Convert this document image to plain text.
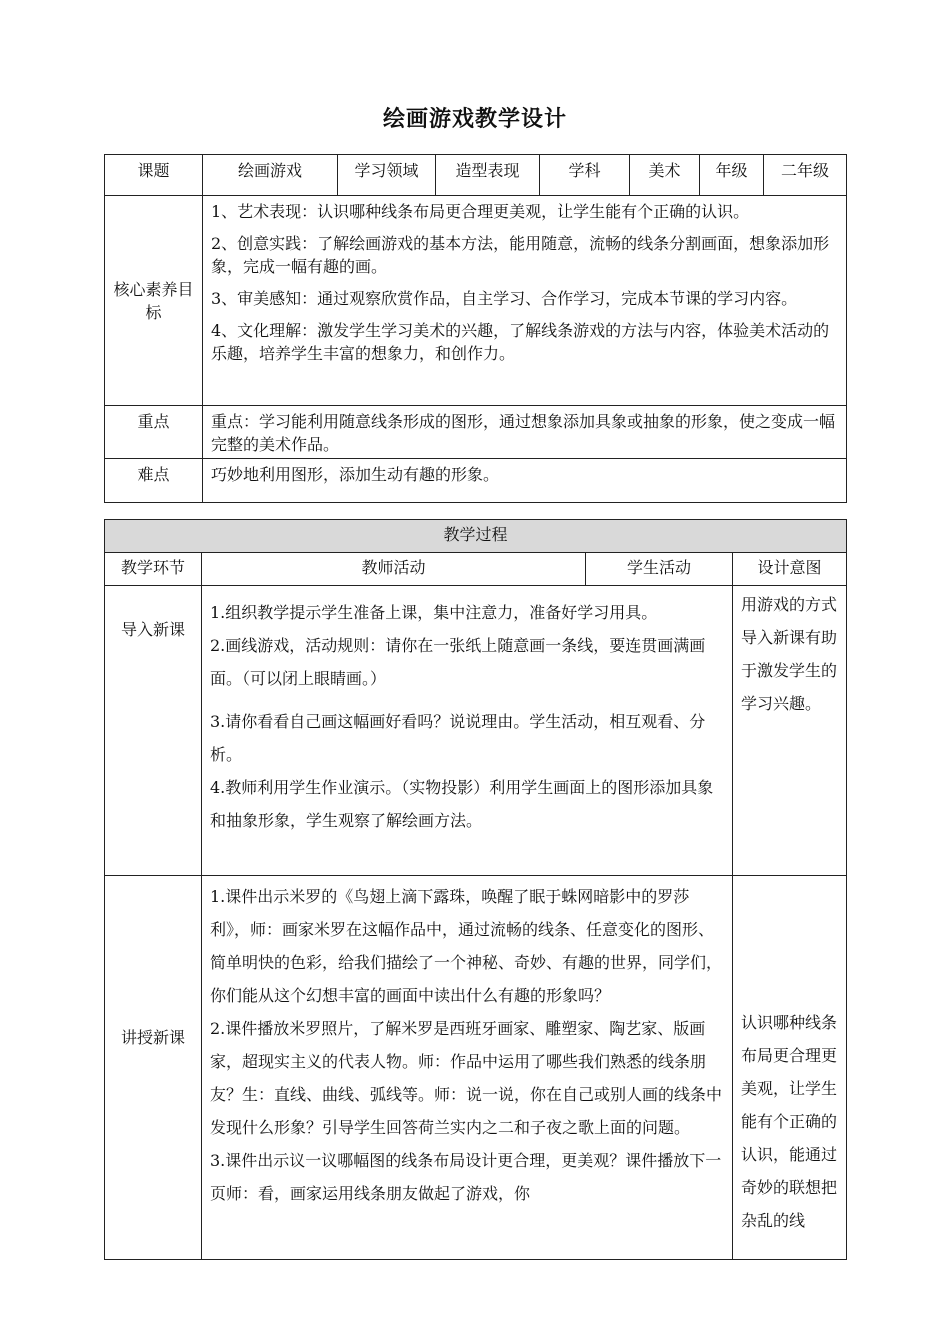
绘画游戏教学设计
课题	绘画游戏	学习领域	造型表现	学科	美术	年级	二年级
核心素养目 标	1、艺术表现：认识哪种线条布局更合理更美观，让学生能有个正确的认识。

2、创意实践：了解绘画游戏的基本方法，能用随意，流畅的线条分割画面，想象添加形象，完成一幅有趣的画。

3、审美感知：通过观察欣赏作品，自主学习、合作学习，完成本节课的学习内容。

4、文化理解：激发学生学习美术的兴趣，了解线条游戏的方法与内容，体验美术活动的乐趣，培养学生丰富的想象力，和创作力。						

重点	重点：学习能利用随意线条形成的图形，通过想象添加具象或抽象的形象，使之变成一幅完整的美术作品。						
难点	巧妙地利用图形，添加生动有趣的形象。						
教学过程			
教学环节	教师活动	学生活动	设计意图
导入新课	1.组织教学提示学生准备上课，集中注意力，准备好学习用具。

2.画线游戏，活动规则：请你在一张纸上随意画一条线，要连贯画满画面。（可以闭上眼睛画。）

3.请你看看自己画这幅画好看吗？说说理由。学生活动，相互观看、分析。

4.教师利用学生作业演示。（实物投影）利用学生画面上的图形添加具象和抽象形象，学生观察了解绘画方法。		用游戏的方式导入新课有助于激发学生的学习兴趣。
讲授新课	1.课件出示米罗的《鸟翅上滴下露珠，唤醒了眠于蛛网暗影中的罗莎利》，师：画家米罗在这幅作品中，通过流畅的线条、任意变化的图形、简单明快的色彩，给我们描绘了一个神秘、奇妙、有趣的世界，同学们，你们能从这个幻想丰富的画面中读出什么有趣的形象吗？

2.课件播放米罗照片，了解米罗是西班牙画家、雕塑家、陶艺家、版画家，超现实主义的代表人物。师：作品中运用了哪些我们熟悉的线条朋友？生：直线、曲线、弧线等。师：说一说，你在自己或别人画的线条中发现什么形象？引导学生回答荷兰实内之二和子夜之歌上面的问题。

3.课件出示议一议哪幅图的线条布局设计更合理，更美观？课件播放下一页师：看，画家运用线条朋友做起了游戏，你		认识哪种线条布局更合理更美观，让学生能有个正确的认识，能通过奇妙的联想把杂乱的线
